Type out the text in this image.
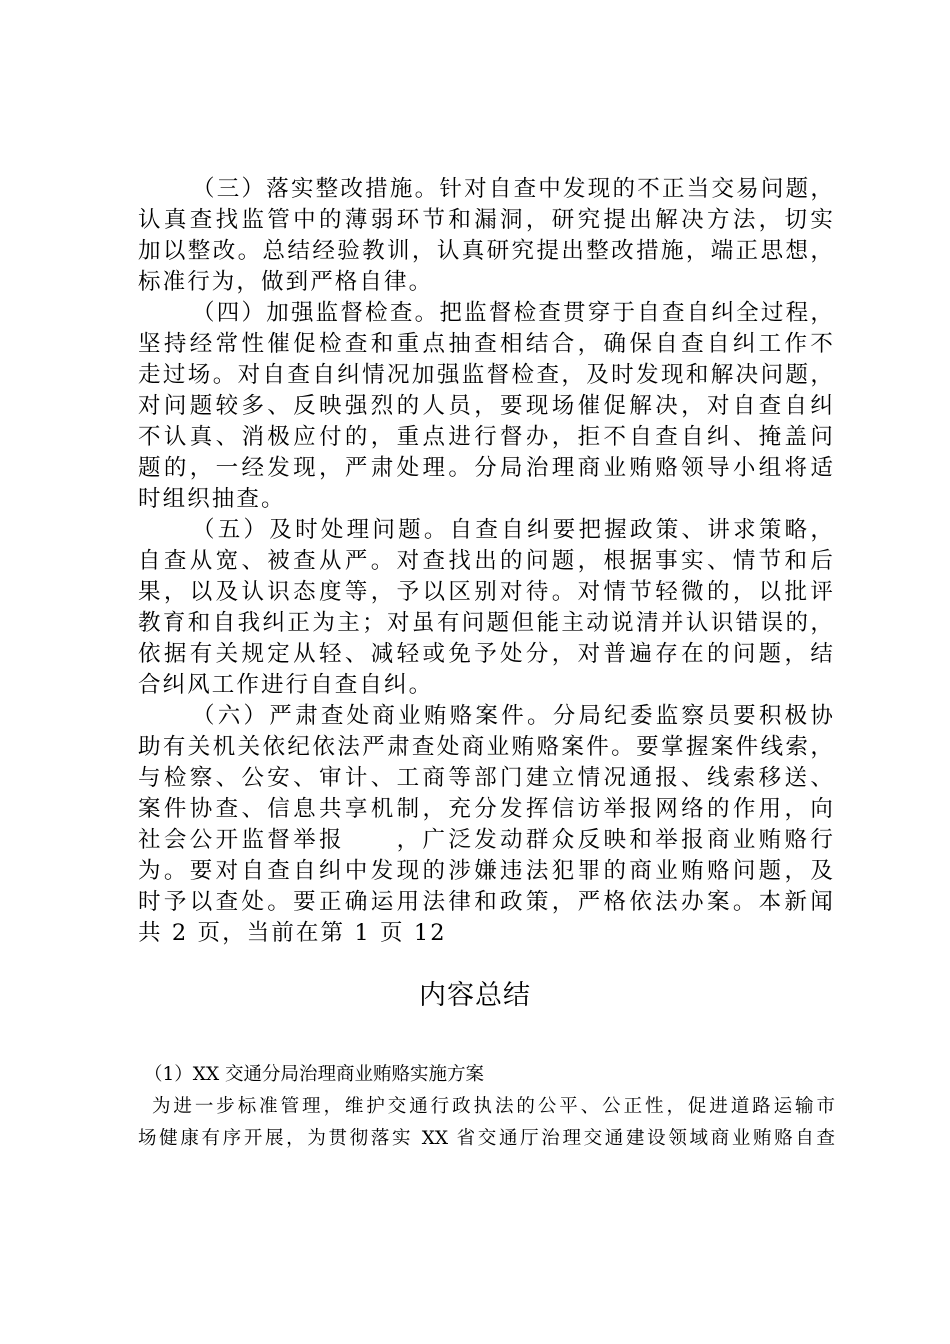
（三）落实整改措施。针对自查中发现的不正当交易问题，

认真查找监管中的薄弱环节和漏洞，研究提出解决方法，切实

加以整改。总结经验教训，认真研究提出整改措施，端正思想，

标准行为，做到严格自律。

（四）加强监督检查。把监督检查贯穿于自查自纠全过程，

坚持经常性催促检查和重点抽查相结合，确保自查自纠工作不

走过场。对自查自纠情况加强监督检查，及时发现和解决问题，

对问题较多、反映强烈的人员，要现场催促解决，对自查自纠

不认真、消极应付的，重点进行督办，拒不自查自纠、掩盖问

题的，一经发现，严肃处理。分局治理商业贿赂领导小组将适

时组织抽查。

（五）及时处理问题。自查自纠要把握政策、讲求策略，

自查从宽、被查从严。对查找出的问题，根据事实、情节和后

果，以及认识态度等，予以区别对待。对情节轻微的，以批评

教育和自我纠正为主；对虽有问题但能主动说清并认识错误的，

依据有关规定从轻、减轻或免予处分，对普遍存在的问题，结

合纠风工作进行自查自纠。

（六）严肃查处商业贿赂案件。分局纪委监察员要积极协

助有关机关依纪依法严肃查处商业贿赂案件。要掌握案件线索，

与检察、公安、审计、工商等部门建立情况通报、线索移送、

案件协查、信息共享机制，充分发挥信访举报网络的作用，向

社会公开监督举报　　，广泛发动群众反映和举报商业贿赂行

为。要对自查自纠中发现的涉嫌违法犯罪的商业贿赂问题，及

时予以查处。要正确运用法律和政策，严格依法办案。本新闻

共 2 页，当前在第 1 页 12

内容总结

（1）XX 交通分局治理商业贿赂实施方案

为进一步标准管理，维护交通行政执法的公平、公正性，促进道路运输市

场健康有序开展，为贯彻落实 XX 省交通厅治理交通建设领域商业贿赂自查
